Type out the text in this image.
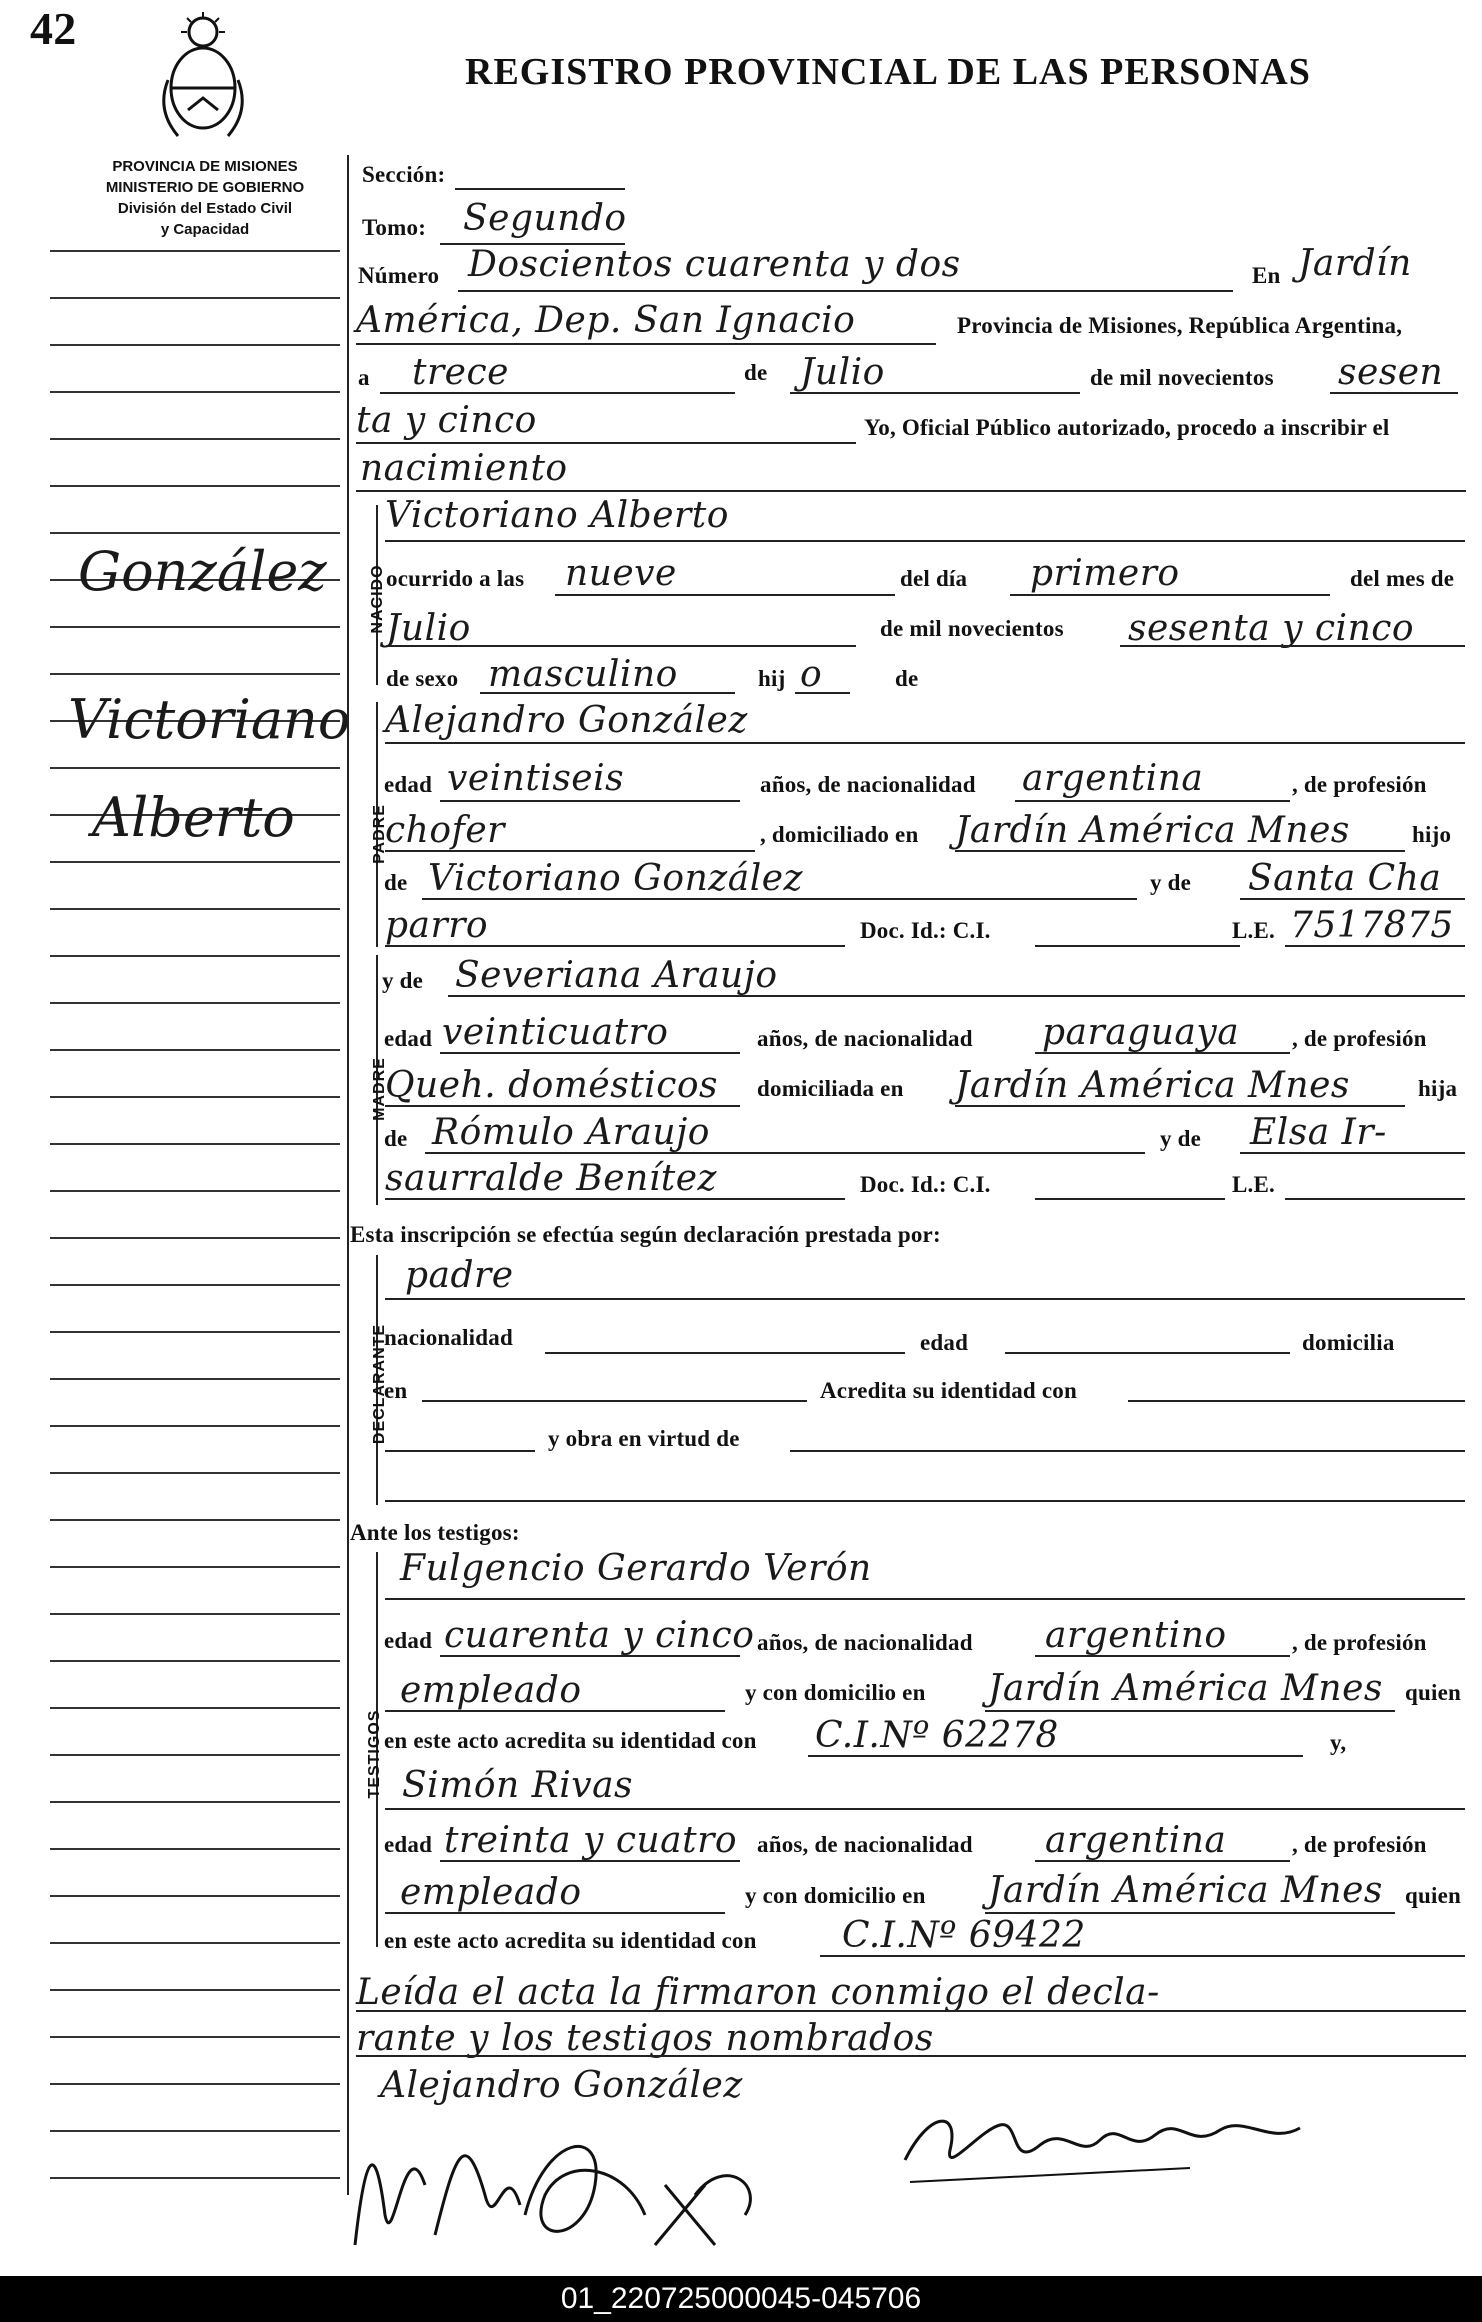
42
REGISTRO PROVINCIAL DE LAS PERSONAS
PROVINCIA DE MISIONES
MINISTERIO DE GOBIERNO
División del Estado Civil
y Capacidad
González
Victoriano
Alberto
Sección:
Tomo: Segundo
Número Doscientos cuarenta y dos	En Jardín
América, Dep. San Ignacio	Provincia de Misiones, República Argentina,
a trece	de Julio	de mil novecientos sesen
ta y cinco	Yo, Oficial Público autorizado, procedo a inscribir el
nacimiento
NACIDO
Victoriano Alberto
ocurrido a las nueve	del día primero	del mes de
Julio	de mil novecientos sesenta y cinco
de sexo masculino	hij o	de
PADRE
Alejandro González
edad veintiseis	años, de nacionalidad argentina	, de profesión
chofer	, domiciliado en Jardín América Mnes	hijo
de Victoriano González	y de Santa Cha
parro	Doc. Id.: C.I.	L.E. 7517875
MADRE
y de Severiana Araujo
edad veinticuatro	años, de nacionalidad paraguaya , de profesión
Queh. domésticos domiciliada en Jardín América Mnes	hija
de Rómulo Araujo	y de Elsa Ir-
saurralde Benítez	Doc. Id.: C.I.	L.E.
Esta inscripción se efectúa según declaración prestada por:
DECLARANTE
padre
nacionalidad	edad	domicilia
en	Acredita su identidad con
y obra en virtud de
Ante los testigos:
TESTIGOS
Fulgencio Gerardo Verón
edad cuarenta y cinco años, de nacionalidad argentino	, de profesión
empleado	y con domicilio en Jardín América Mnes quien
en este acto acredita su identidad con C.I.Nº 62278	y,
Simón Rivas
edad treinta y cuatro años, de nacionalidad argentina	, de profesión
empleado	y con domicilio en Jardín América Mnes quien
en este acto acredita su identidad con C.I.Nº 69422
Leída el acta la firmaron conmigo el decla-
rante y los testigos nombrados
Alejandro González
01_220725000045-045706
